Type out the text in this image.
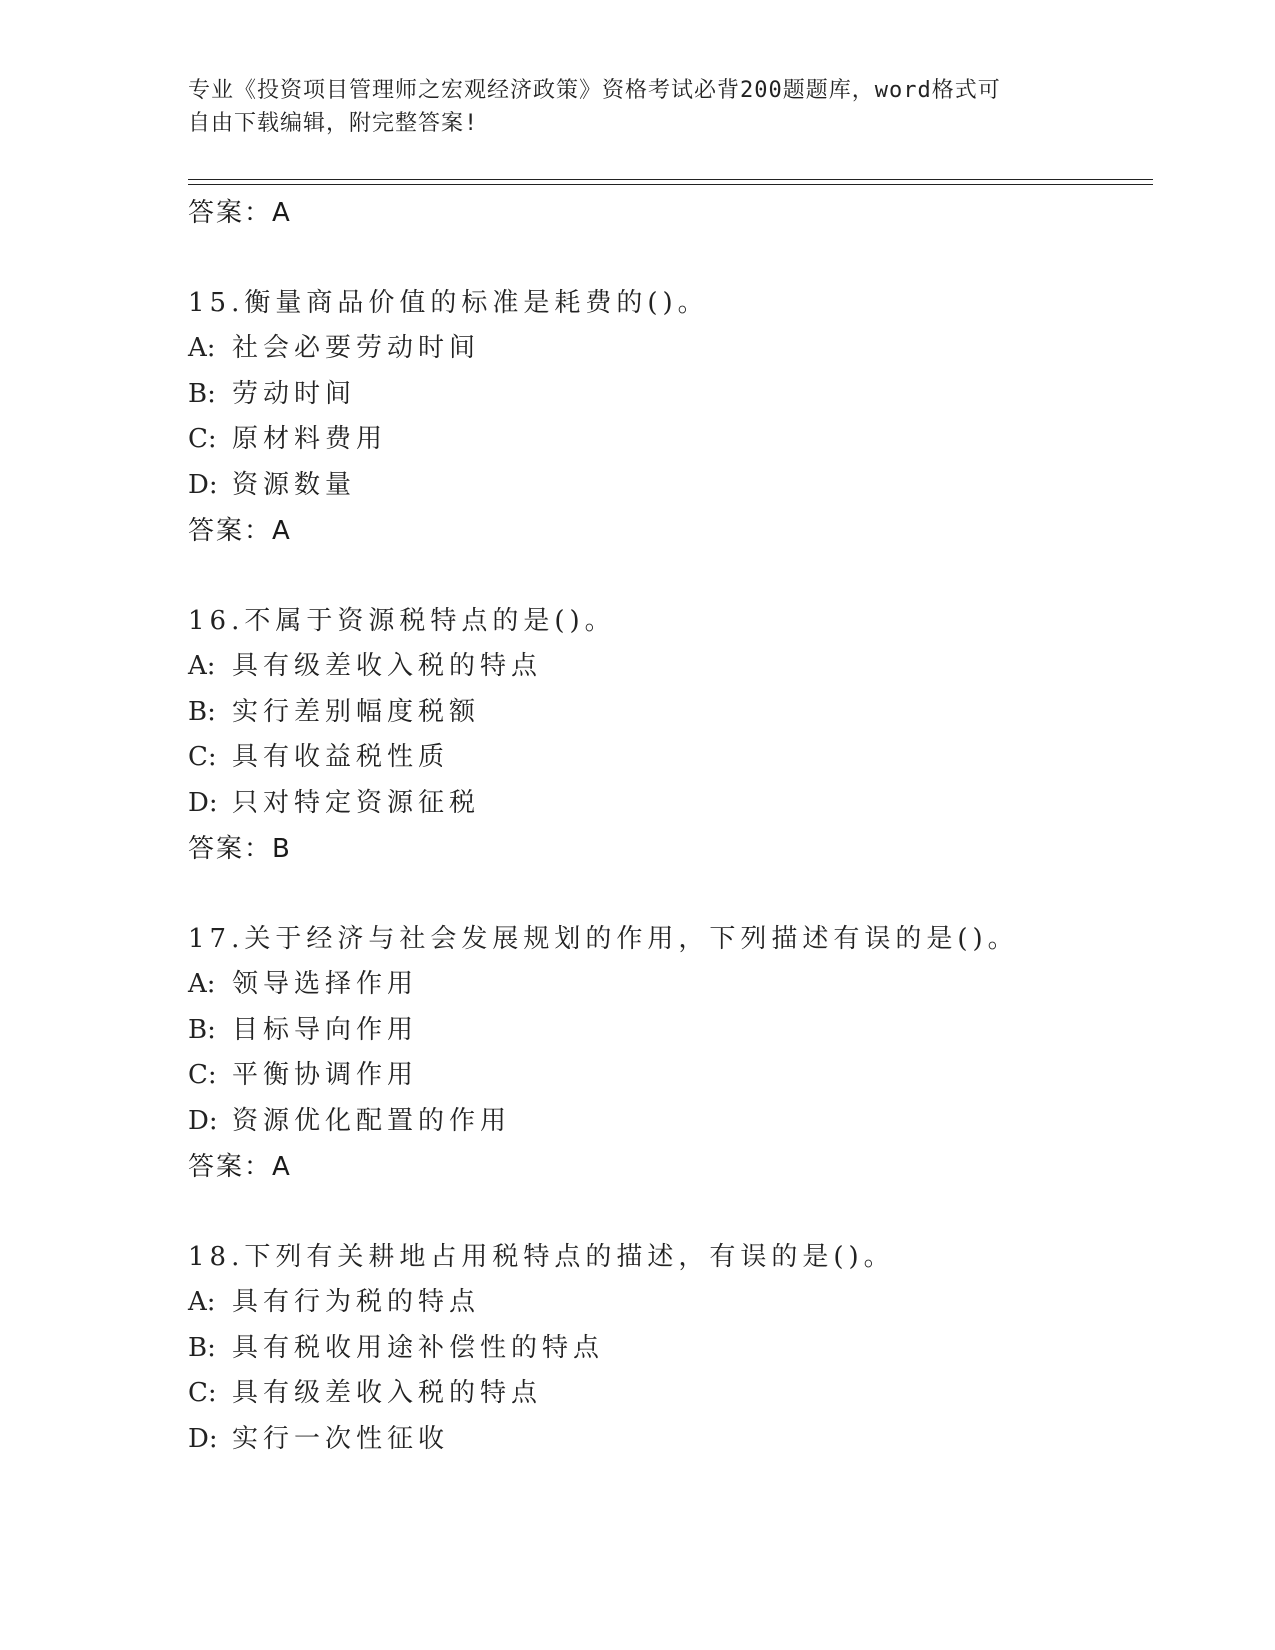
专业《投资项目管理师之宏观经济政策》资格考试必背200题题库，word格式可
自由下载编辑，附完整答案!
答案：A
15.衡量商品价值的标准是耗费的()。
A: 社会必要劳动时间
B: 劳动时间
C: 原材料费用
D: 资源数量
答案：A
16.不属于资源税特点的是()。
A: 具有级差收入税的特点
B: 实行差别幅度税额
C: 具有收益税性质
D: 只对特定资源征税
答案：B
17.关于经济与社会发展规划的作用，下列描述有误的是()。
A: 领导选择作用
B: 目标导向作用
C: 平衡协调作用
D: 资源优化配置的作用
答案：A
18.下列有关耕地占用税特点的描述，有误的是()。
A: 具有行为税的特点
B: 具有税收用途补偿性的特点
C: 具有级差收入税的特点
D: 实行一次性征收
